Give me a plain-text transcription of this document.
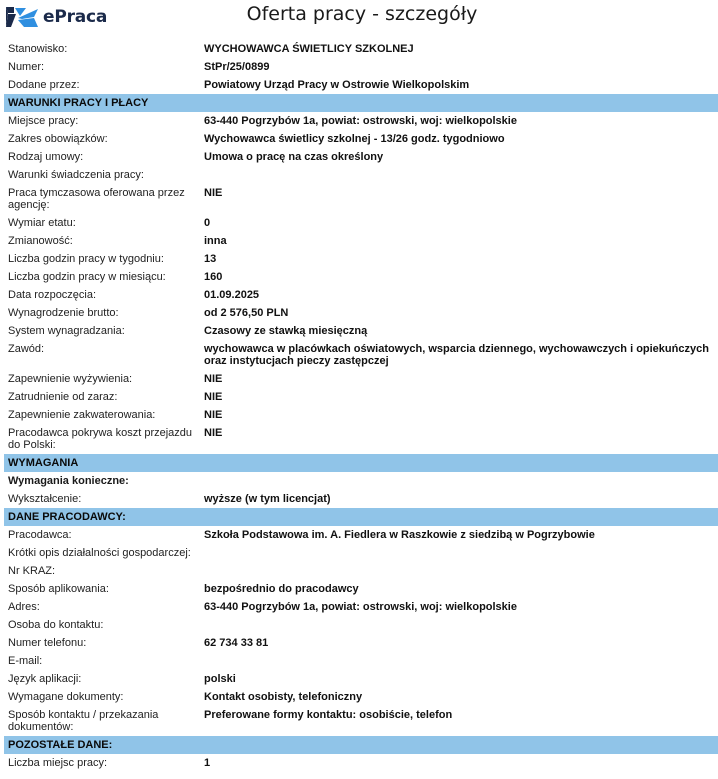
ePraca	Oferta pracy - szczegóły
Stanowisko:	WYCHOWAWCA ŚWIETLICY SZKOLNEJ
Numer:	StPr/25/0899
Dodane przez:	Powiatowy Urząd Pracy w Ostrowie Wielkopolskim
WARUNKI PRACY I PŁACY
Miejsce pracy:	63-440 Pogrzybów 1a, powiat: ostrowski, woj: wielkopolskie
Zakres obowiązków:	Wychowawca świetlicy szkolnej - 13/26 godz. tygodniowo
Rodzaj umowy:	Umowa o pracę na czas określony
Warunki świadczenia pracy:
Praca tymczasowa oferowana przez agencję:
NIE
Wymiar etatu:	0
Zmianowość:	inna
Liczba godzin pracy w tygodniu:	13
Liczba godzin pracy w miesiącu:	160
Data rozpoczęcia:	01.09.2025
Wynagrodzenie brutto:	od 2 576,50 PLN
System wynagradzania:	Czasowy ze stawką miesięczną
Zawód:	wychowawca w placówkach oświatowych, wsparcia dziennego, wychowawczych i opiekuńczych oraz instytucjach pieczy zastępczej
Zapewnienie wyżywienia:	NIE
Zatrudnienie od zaraz:	NIE
Zapewnienie zakwaterowania:	NIE
Pracodawca pokrywa koszt przejazdu do Polski:
NIE
WYMAGANIA
Wymagania konieczne:
Wykształcenie:	wyższe (w tym licencjat)
DANE PRACODAWCY:
Pracodawca:	Szkoła Podstawowa im. A. Fiedlera w Raszkowie z siedzibą w Pogrzybowie
Krótki opis działalności gospodarczej:
Nr KRAZ:
Sposób aplikowania:	bezpośrednio do pracodawcy
Adres:	63-440 Pogrzybów 1a, powiat: ostrowski, woj: wielkopolskie
Osoba do kontaktu:
Numer telefonu:	62 734 33 81
E-mail:
Język aplikacji:	polski
Wymagane dokumenty:	Kontakt osobisty, telefoniczny
Sposób kontaktu / przekazania dokumentów:
Preferowane formy kontaktu: osobiście, telefon
POZOSTAŁE DANE:
Liczba miejsc pracy:	1
